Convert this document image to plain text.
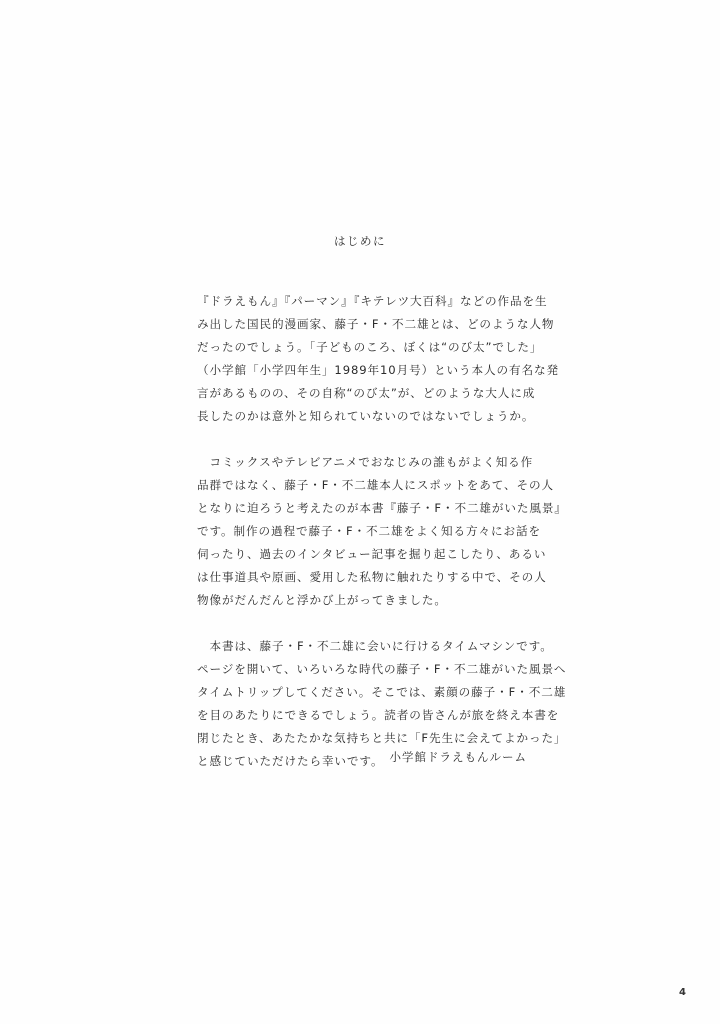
はじめに
『ドラえもん』『パーマン』『キテレツ大百科』などの作品を生
み出した国民的漫画家、藤子・F・不二雄とは、どのような人物
だったのでしょう。「子どものころ、ぼくは“のび太”でした」
（小学館「小学四年生」1989年10月号）という本人の有名な発
言があるものの、その自称“のび太”が、どのような大人に成
長したのかは意外と知られていないのではないでしょうか。
　コミックスやテレビアニメでおなじみの誰もがよく知る作
品群ではなく、藤子・F・不二雄本人にスポットをあて、その人
となりに迫ろうと考えたのが本書『藤子・F・不二雄がいた風景』
です。制作の過程で藤子・F・不二雄をよく知る方々にお話を
伺ったり、過去のインタビュー記事を掘り起こしたり、あるい
は仕事道具や原画、愛用した私物に触れたりする中で、その人
物像がだんだんと浮かび上がってきました。
　本書は、藤子・F・不二雄に会いに行けるタイムマシンです。
ページを開いて、いろいろな時代の藤子・F・不二雄がいた風景へ
タイムトリップしてください。そこでは、素顔の藤子・F・不二雄
を目のあたりにできるでしょう。読者の皆さんが旅を終え本書を
閉じたとき、あたたかな気持ちと共に「F先生に会えてよかった」
と感じていただけたら幸いです。 小学館ドラえもんルーム
4
